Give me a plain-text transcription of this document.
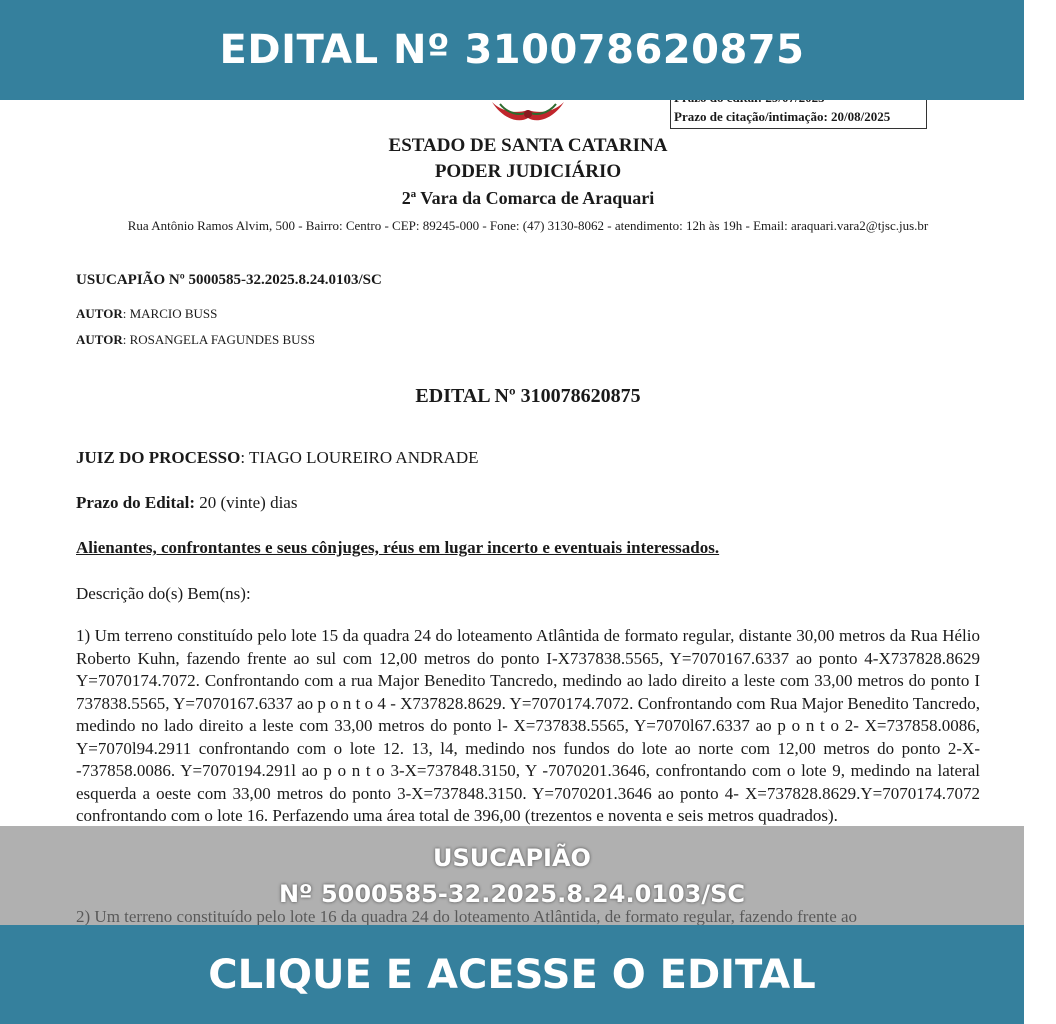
EDITAL Nº 310078620875
Prazo de citação/intimação: 20/08/2025
ESTADO DE SANTA CATARINA
PODER JUDICIÁRIO
2ª Vara da Comarca de Araquari
Rua Antônio Ramos Alvim, 500 - Bairro: Centro - CEP: 89245-000 - Fone: (47) 3130-8062 - atendimento: 12h às 19h - Email: araquari.vara2@tjsc.jus.br
USUCAPIÃO Nº 5000585-32.2025.8.24.0103/SC
AUTOR: MARCIO BUSS
AUTOR: ROSANGELA FAGUNDES BUSS
EDITAL Nº 310078620875
JUIZ DO PROCESSO: TIAGO LOUREIRO ANDRADE
Prazo do Edital: 20 (vinte) dias
Alienantes, confrontantes e seus cônjuges, réus em lugar incerto e eventuais interessados.
Descrição do(s) Bem(ns):
1) Um terreno constituído pelo lote 15 da quadra 24 do loteamento Atlântida de formato regular, distante 30,00 metros da Rua Hélio Roberto Kuhn, fazendo frente ao sul com 12,00 metros do ponto I-X737838.5565, Y=7070167.6337 ao ponto 4-X737828.8629 Y=7070174.7072. Confrontando com a rua Major Benedito Tancredo, medindo ao lado direito a leste com 33,00 metros do ponto I 737838.5565, Y=7070167.6337 ao p o n t o 4 - X737828.8629. Y=7070174.7072. Confrontando com Rua Major Benedito Tancredo, medindo no lado direito a leste com 33,00 metros do ponto l- X=737838.5565, Y=7070l67.6337 ao p o n t o 2- X=737858.0086, Y=7070l94.2911 confrontando com o lote 12. 13, l4, medindo nos fundos do lote ao norte com 12,00 metros do ponto 2-X--737858.0086. Y=7070194.291l ao p o n t o 3-X=737848.3150, Y -7070201.3646, confrontando com o lote 9, medindo na lateral esquerda a oeste com 33,00 metros do ponto 3-X=737848.3150. Y=7070201.3646 ao ponto 4- X=737828.8629.Y=7070174.7072 confrontando com o lote 16. Perfazendo uma área total de 396,00 (trezentos e noventa e seis metros quadrados).
USUCAPIÃO
Nº 5000585-32.2025.8.24.0103/SC
CLIQUE E ACESSE O EDITAL
